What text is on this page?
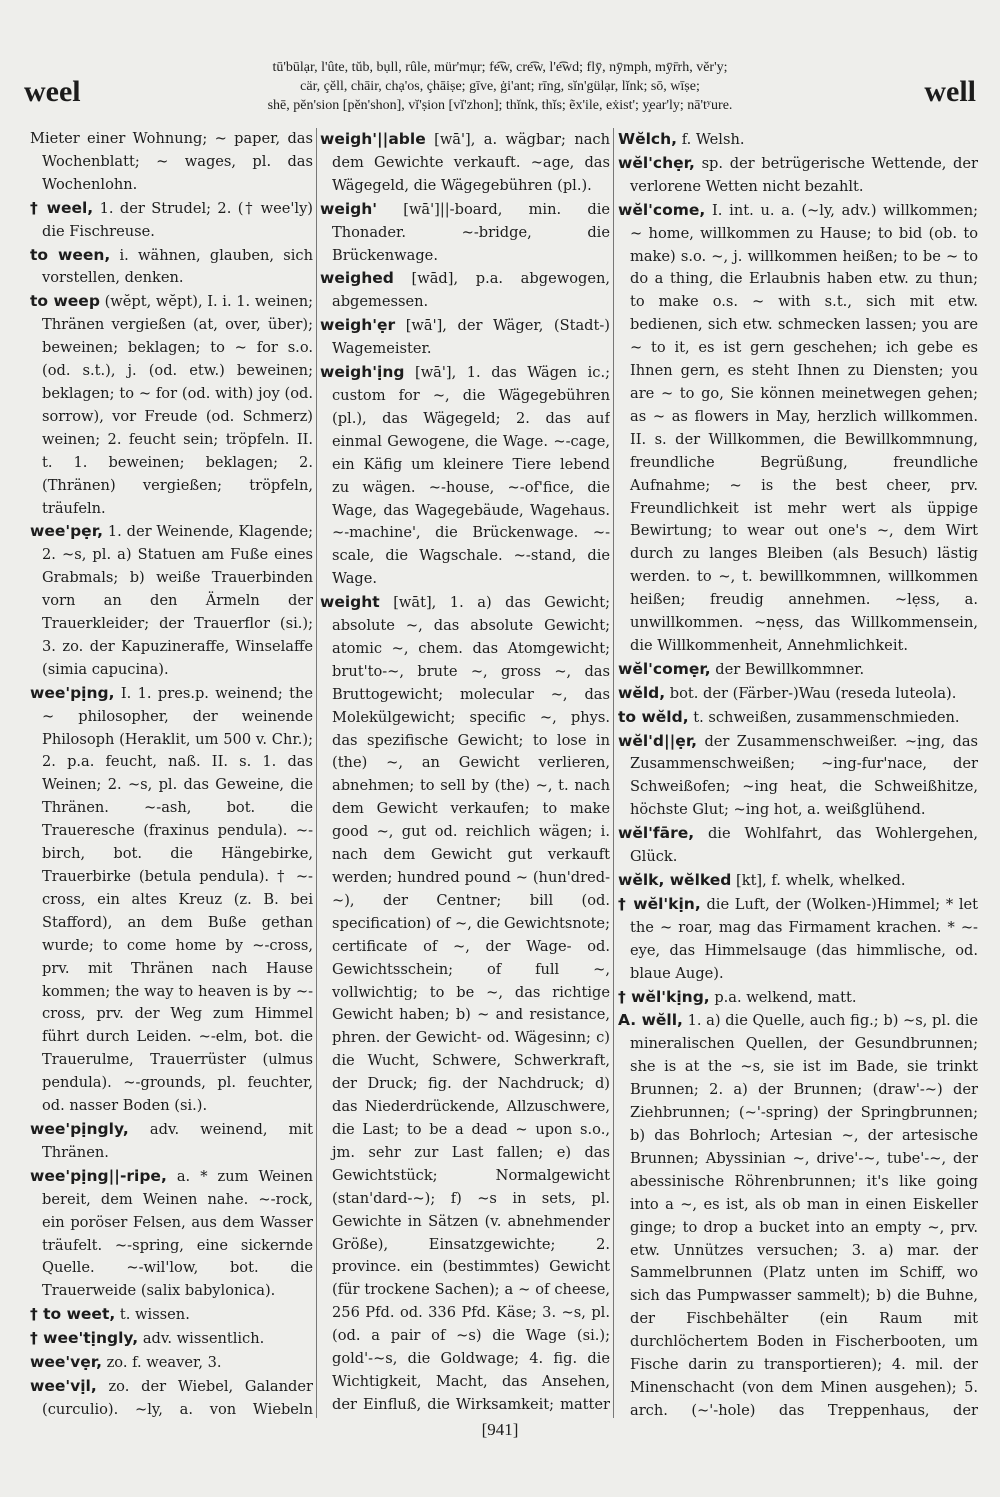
weel	well
tū'būlạr, l'ûte, tŭb, bụll, rûle, mür'mụr; fe͡w, cre͡w, l'e͡wd; flȳ, nȳmph, mȳr̄rh, vĕr'y;
cär, çĕll, chāir, chạ'os, çhāiṣe; gīve, ġi'ant; rīng, sĭn'gülạr, lĭnk; sō, wīṣe;
shē, pĕn'sion [pĕn'shon], vĭ'ṣion [vĭ'zhon]; thĭnk, thĭs; ẽx'ile, eẋist'; y̧ear'ly; nā'tʸure.
Mieter einer Wohnung; ~ paper, das Wochenblatt; ~ wages, pl. das Wochenlohn.
† weel, 1. der Strudel; 2. († wee'ly) die Fischreuse.
to ween, i. wähnen, glauben, sich vorstellen, denken.
to weep (wĕpt, wĕpt), I. i. 1. weinen; Thränen vergießen (at, over, über); beweinen; beklagen; to ~ for s.o. (od. s.t.), j. (od. etw.) beweinen; beklagen; to ~ for (od. with) joy (od. sorrow), vor Freude (od. Schmerz) weinen; 2. feucht sein; tröpfeln. II. t. 1. beweinen; beklagen; 2. (Thränen) vergießen; tröpfeln, träufeln.
wee'pẹr, 1. der Weinende, Klagende; 2. ~s, pl. a) Statuen am Fuße eines Grabmals; b) weiße Trauerbinden vorn an den Ärmeln der Trauerkleider; der Trauerflor (si.); 3. zo. der Kapuzineraffe, Winselaffe (simia capucina).
wee'pịng, I. 1. pres.p. weinend; the ~ philosopher, der weinende Philosoph (Heraklit, um 500 v. Chr.); 2. p.a. feucht, naß. II. s. 1. das Weinen; 2. ~s, pl. das Geweine, die Thränen. ~-ash, bot. die Traueresche (fraxinus pendula). ~-birch, bot. die Hängebirke, Trauerbirke (betula pendula). † ~-cross, ein altes Kreuz (z. B. bei Stafford), an dem Buße gethan wurde; to come home by ~-cross, prv. mit Thränen nach Hause kommen; the way to heaven is by ~-cross, prv. der Weg zum Himmel führt durch Leiden. ~-elm, bot. die Trauerulme, Trauerrüster (ulmus pendula). ~-grounds, pl. feuchter, od. nasser Boden (si.).
wee'pịngly, adv. weinend, mit Thränen.
wee'pịng||-ripe, a. * zum Weinen bereit, dem Weinen nahe. ~-rock, ein poröser Felsen, aus dem Wasser träufelt. ~-spring, eine sickernde Quelle. ~-wil'low, bot. die Trauerweide (salix babylonica).
† to weet, t. wissen.
† wee'tịngly, adv. wissentlich.
wee'vẹr, zo. f. weaver, 3.
wee'vịl, zo. der Wiebel, Galander (curculio). ~ly, a. von Wiebeln
weigh'||able [wā'], a. wägbar; nach dem Gewichte verkauft. ~age, das Wägegeld, die Wägegebühren (pl.).
weigh' [wā']||-board, min. die Thonader. ~-bridge, die Brückenwage.
weighed [wād], p.a. abgewogen, abgemessen.
weigh'ẹr [wā'], der Wäger, (Stadt-) Wagemeister.
weigh'ịng [wā'], 1. das Wägen ic.; custom for ~, die Wägegebühren (pl.), das Wägegeld; 2. das auf einmal Gewogene, die Wage. ~-cage, ein Käfig um kleinere Tiere lebend zu wägen. ~-house, ~-of'fice, die Wage, das Wagegebäude, Wagehaus. ~-machine', die Brückenwage. ~-scale, die Wagschale. ~-stand, die Wage.
weight [wāt], 1. a) das Gewicht; absolute ~, das absolute Gewicht; atomic ~, chem. das Atomgewicht; brut'to-~, brute ~, gross ~, das Bruttogewicht; molecular ~, das Molekülgewicht; specific ~, phys. das spezifische Gewicht; to lose in (the) ~, an Gewicht verlieren, abnehmen; to sell by (the) ~, t. nach dem Gewicht verkaufen; to make good ~, gut od. reichlich wägen; i. nach dem Gewicht gut verkauft werden; hundred pound ~ (hun'dred-~), der Centner; bill (od. specification) of ~, die Gewichtsnote; certificate of ~, der Wage- od. Gewichtsschein; of full ~, vollwichtig; to be ~, das richtige Gewicht haben; b) ~ and resistance, phren. der Gewicht- od. Wägesinn; c) die Wucht, Schwere, Schwerkraft, der Druck; fig. der Nachdruck; d) das Niederdrückende, Allzuschwere, die Last; to be a dead ~ upon s.o., jm. sehr zur Last fallen; e) das Gewichtstück; Normalgewicht (stan'dard-~); f) ~s in sets, pl. Gewichte in Sätzen (v. abnehmender Größe), Einsatzgewichte; 2. province. ein (bestimmtes) Gewicht (für trockene Sachen); a ~ of cheese, 256 Pfd. od. 336 Pfd. Käse; 3. ~s, pl. (od. a pair of ~s) die Wage (si.); gold'-~s, die Goldwage; 4. fig. die Wichtigkeit, Macht, das Ansehen, der Einfluß, die Wirksamkeit; matter
Wĕlch, f. Welsh.
wĕl'chẹr, sp. der betrügerische Wettende, der verlorene Wetten nicht bezahlt.
wĕl'come, I. int. u. a. (~ly, adv.) willkommen; ~ home, willkommen zu Hause; to bid (ob. to make) s.o. ~, j. willkommen heißen; to be ~ to do a thing, die Erlaubnis haben etw. zu thun; to make o.s. ~ with s.t., sich mit etw. bedienen, sich etw. schmecken lassen; you are ~ to it, es ist gern geschehen; ich gebe es Ihnen gern, es steht Ihnen zu Diensten; you are ~ to go, Sie können meinetwegen gehen; as ~ as flowers in May, herzlich willkommen. II. s. der Willkommen, die Bewillkommnung, freundliche Begrüßung, freundliche Aufnahme; ~ is the best cheer, prv. Freundlichkeit ist mehr wert als üppige Bewirtung; to wear out one's ~, dem Wirt durch zu langes Bleiben (als Besuch) lästig werden. to ~, t. bewillkommnen, willkommen heißen; freudig annehmen. ~lẹss, a. unwillkommen. ~nẹss, das Willkommensein, die Willkommenheit, Annehmlichkeit.
wĕl'comẹr, der Bewillkommner.
wĕld, bot. der (Färber-)Wau (reseda luteola).
to wĕld, t. schweißen, zusammenschmieden.
wĕl'd||ẹr, der Zusammenschweißer. ~ịng, das Zusammenschweißen; ~ing-fur'nace, der Schweißofen; ~ing heat, die Schweißhitze, höchste Glut; ~ing hot, a. weißglühend.
wĕl'fāre, die Wohlfahrt, das Wohlergehen, Glück.
wĕlk, wĕlked [kt], f. whelk, whelked.
† wĕl'kịn, die Luft, der (Wolken-)Himmel; * let the ~ roar, mag das Firmament krachen. * ~-eye, das Himmelsauge (das himmlische, od. blaue Auge).
† wĕl'kịng, p.a. welkend, matt.
A. wĕll, 1. a) die Quelle, auch fig.; b) ~s, pl. die mineralischen Quellen, der Gesundbrunnen; she is at the ~s, sie ist im Bade, sie trinkt Brunnen; 2. a) der Brunnen; (draw'-~) der Ziehbrunnen; (~'-spring) der Springbrunnen; b) das Bohrloch; Artesian ~, der artesische Brunnen; Abyssinian ~, drive'-~, tube'-~, der abessinische Röhrenbrunnen; it's like going into a ~, es ist, als ob man in einen Eiskeller ginge; to drop a bucket into an empty ~, prv. etw. Unnützes versuchen; 3. a) mar. der Sammelbrunnen (Platz unten im Schiff, wo sich das Pumpwasser sammelt); b) die Buhne, der Fischbehälter (ein Raum mit durchlöchertem Boden in Fischerbooten, um Fische darin zu transportieren); 4. mil. der Minenschacht (von dem Minen ausgehen); 5. arch. (~'-hole) das Treppenhaus, der
[941]
